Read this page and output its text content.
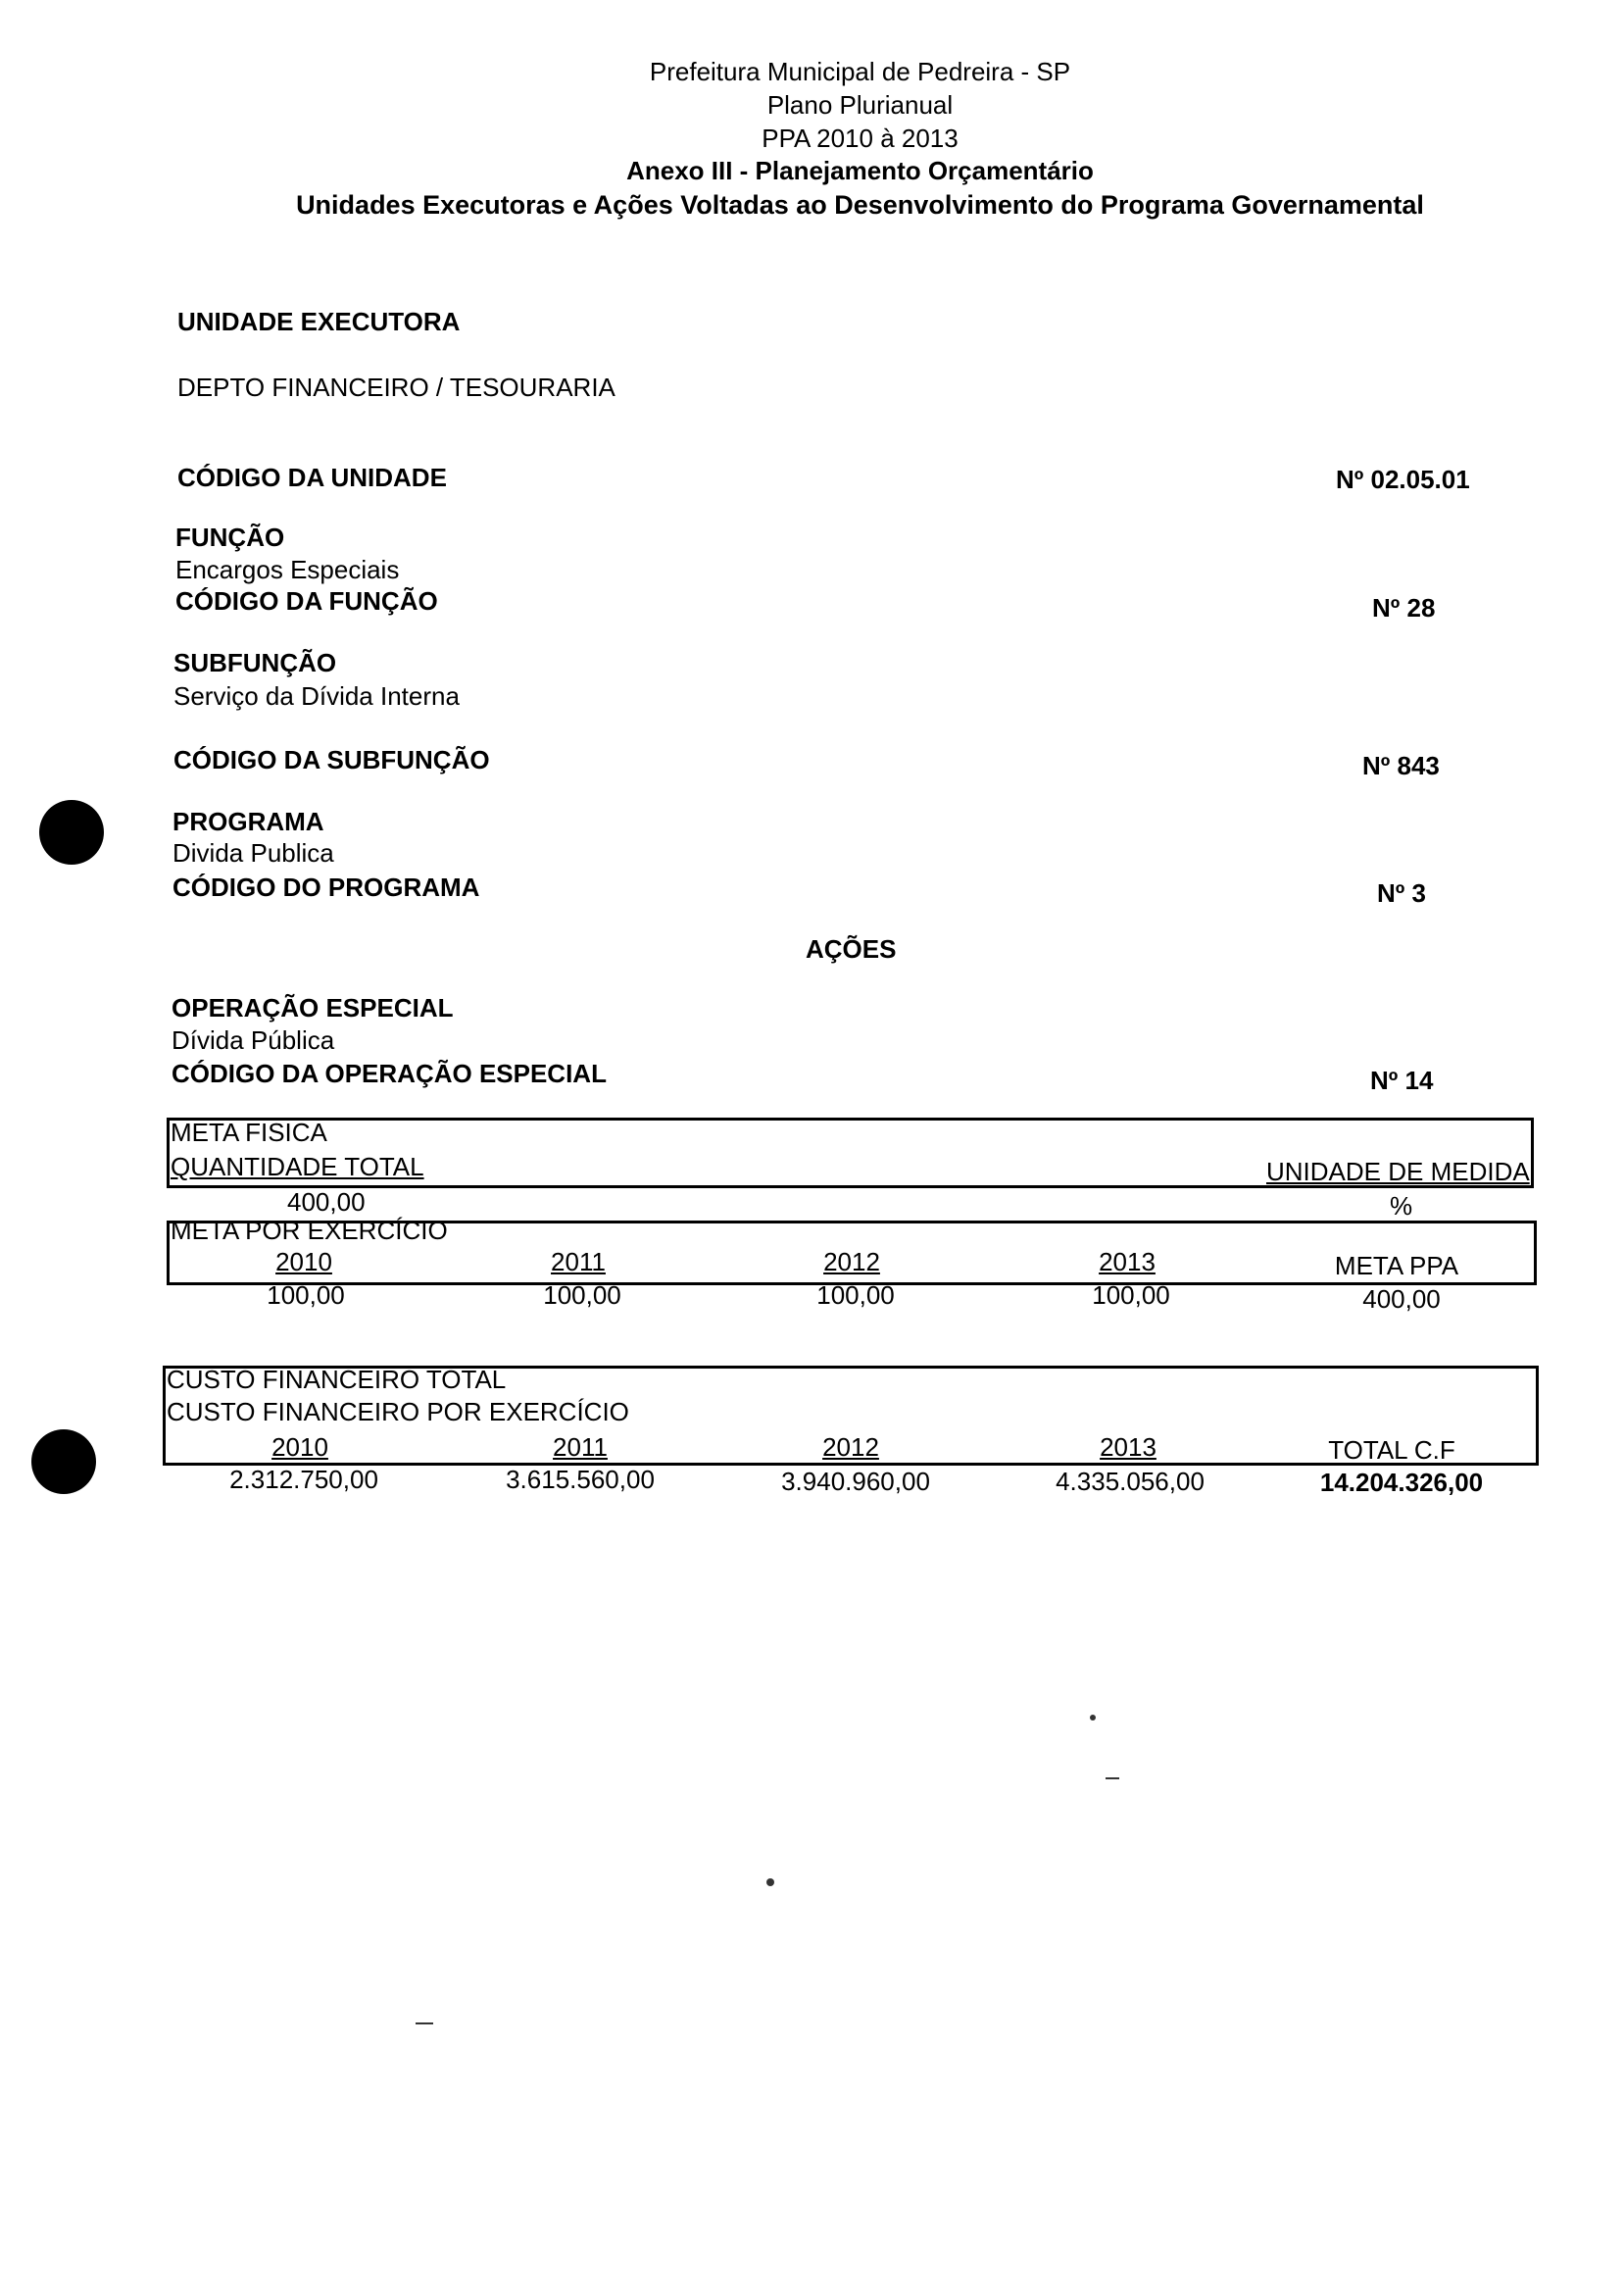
Prefeitura Municipal de Pedreira - SP
Plano Plurianual
PPA 2010 à 2013
Anexo III - Planejamento Orçamentário
Unidades Executoras e Ações Voltadas ao Desenvolvimento do Programa Governamental
UNIDADE EXECUTORA
DEPTO FINANCEIRO / TESOURARIA
CÓDIGO DA UNIDADE	Nº 02.05.01
FUNÇÃO
Encargos Especiais
CÓDIGO DA FUNÇÃO	Nº 28
SUBFUNÇÃO
Serviço da Dívida Interna
CÓDIGO DA SUBFUNÇÃO	Nº 843
PROGRAMA
Divida Publica
CÓDIGO DO PROGRAMA	Nº 3
AÇÕES
OPERAÇÃO ESPECIAL
Dívida Pública
CÓDIGO DA OPERAÇÃO ESPECIAL	Nº 14
META FISICA
QUANTIDADE TOTAL	UNIDADE DE MEDIDA
400,00	%
META POR EXERCÍCIO
2010	2011	2012	2013	META PPA
100,00	100,00	100,00	100,00	400,00
CUSTO FINANCEIRO TOTAL
CUSTO FINANCEIRO POR EXERCÍCIO
2010	2011	2012	2013	TOTAL C.F
2.312.750,00	3.615.560,00	3.940.960,00	4.335.056,00	14.204.326,00
